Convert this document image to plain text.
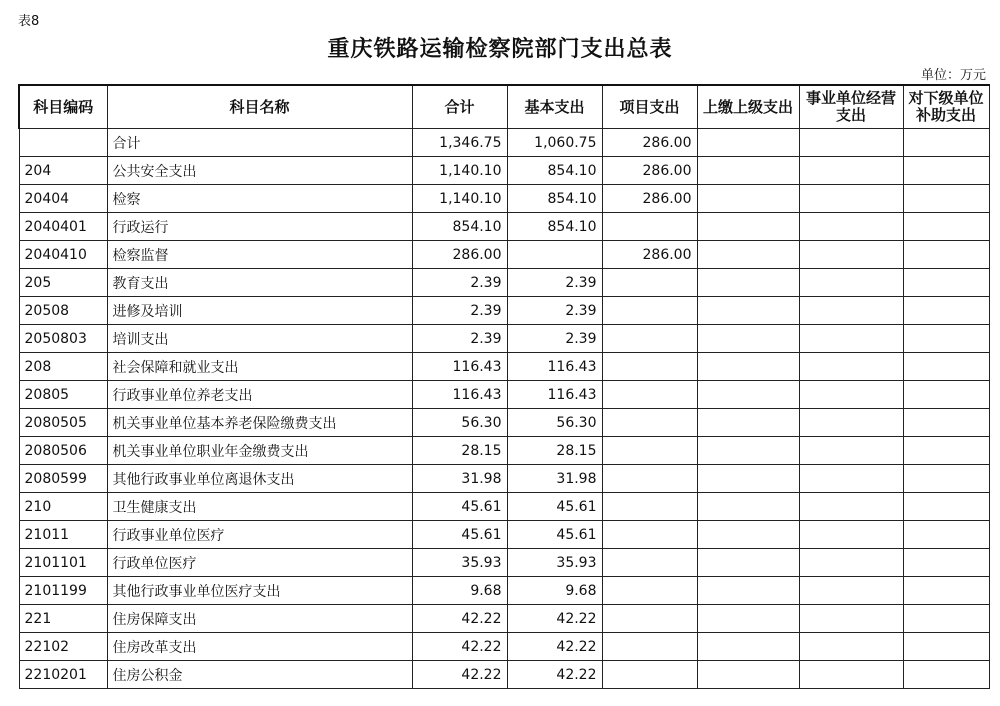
表8
重庆铁路运输检察院部门支出总表
单位：万元
科目编码	科目名称	合计	基本支出	项目支出	上缴上级支出	事业单位经营支出	对下级单位补助支出
	合计	1,346.75	1,060.75	286.00			
204	公共安全支出	1,140.10	854.10	286.00			
20404	检察	1,140.10	854.10	286.00			
2040401	行政运行	854.10	854.10				
2040410	检察监督	286.00		286.00			
205	教育支出	2.39	2.39				
20508	进修及培训	2.39	2.39				
2050803	培训支出	2.39	2.39				
208	社会保障和就业支出	116.43	116.43				
20805	行政事业单位养老支出	116.43	116.43				
2080505	机关事业单位基本养老保险缴费支出	56.30	56.30				
2080506	机关事业单位职业年金缴费支出	28.15	28.15				
2080599	其他行政事业单位离退休支出	31.98	31.98				
210	卫生健康支出	45.61	45.61				
21011	行政事业单位医疗	45.61	45.61				
2101101	行政单位医疗	35.93	35.93				
2101199	其他行政事业单位医疗支出	9.68	9.68				
221	住房保障支出	42.22	42.22				
22102	住房改革支出	42.22	42.22				
2210201	住房公积金	42.22	42.22				
